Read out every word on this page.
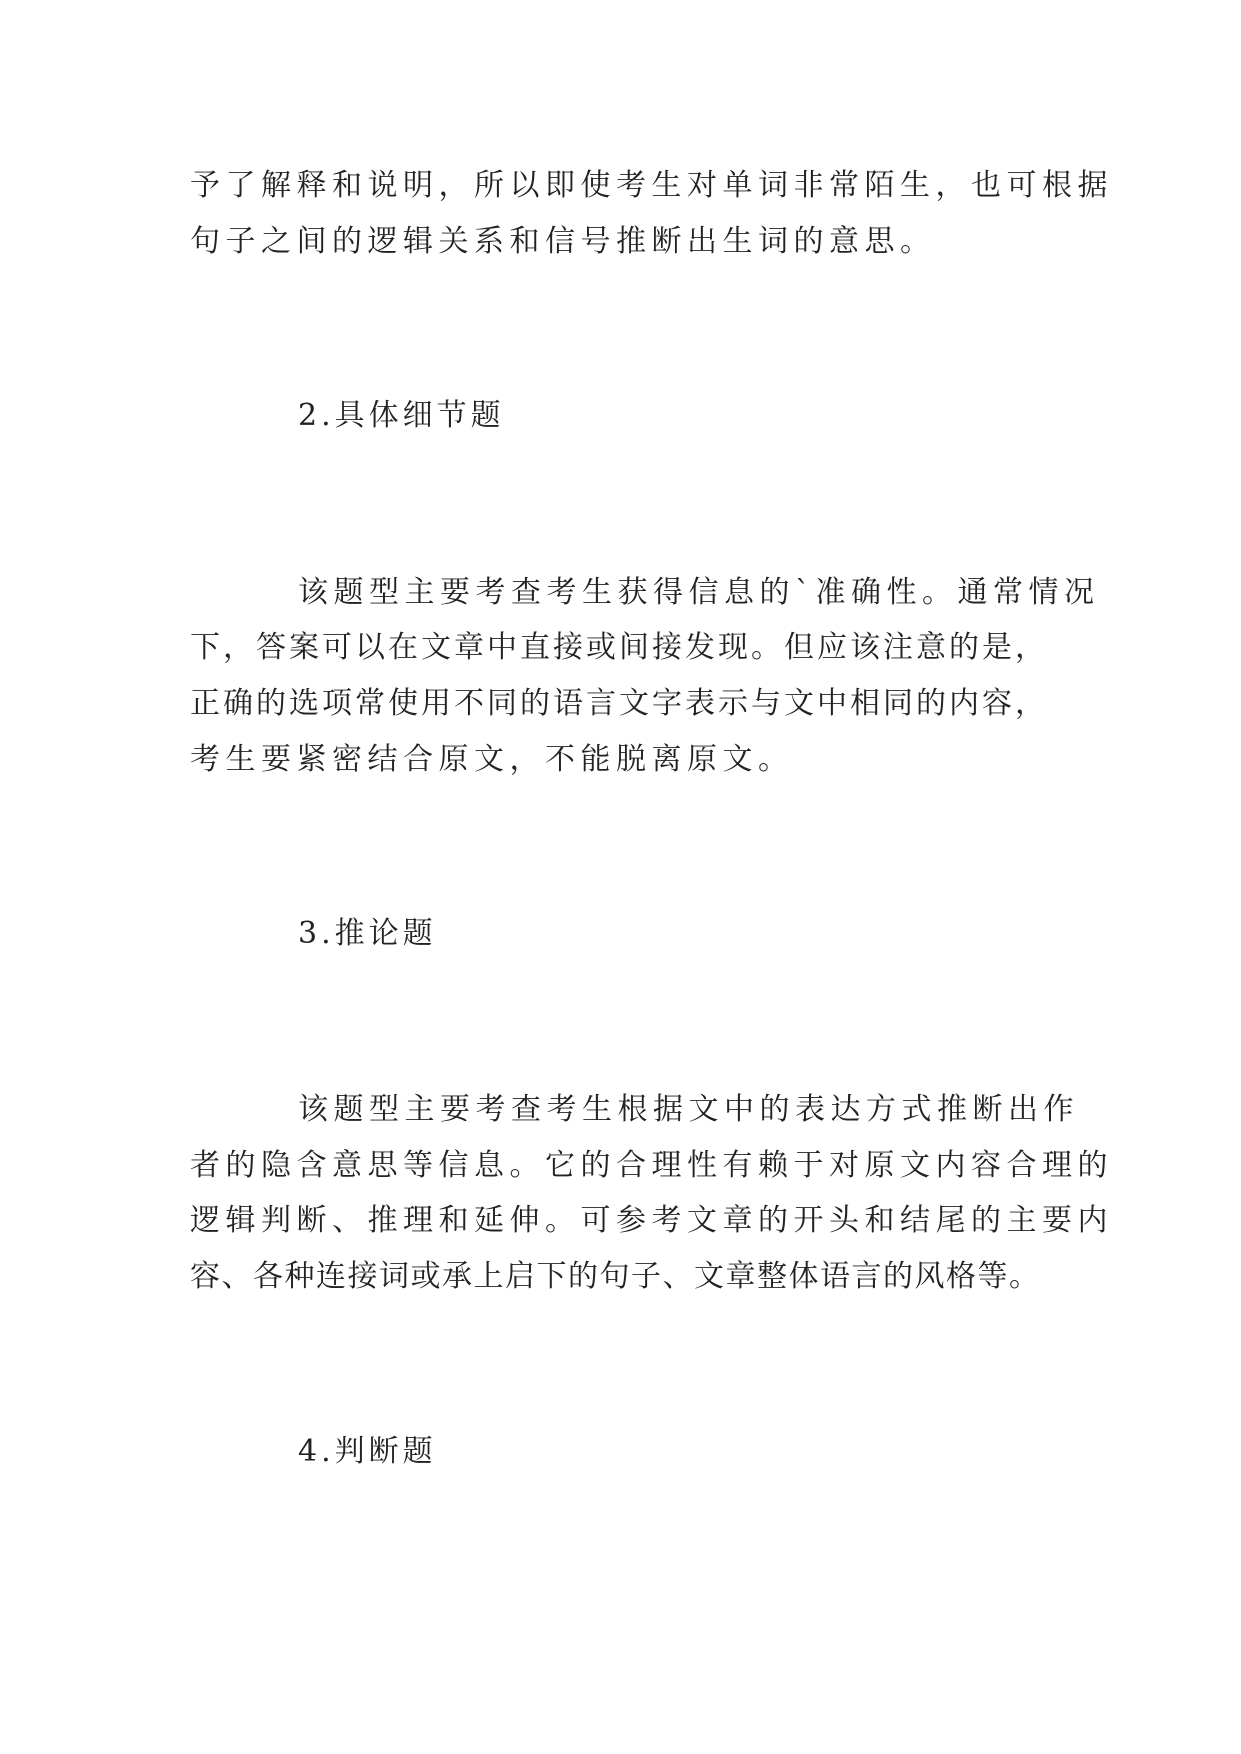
予了解释和说明，所以即使考生对单词非常陌生，也可根据
句子之间的逻辑关系和信号推断出生词的意思。
2.具体细节题
该题型主要考查考生获得信息的`准确性。通常情况
下，答案可以在文章中直接或间接发现。但应该注意的是，
正确的选项常使用不同的语言文字表示与文中相同的内容，
考生要紧密结合原文，不能脱离原文。
3.推论题
该题型主要考查考生根据文中的表达方式推断出作
者的隐含意思等信息。它的合理性有赖于对原文内容合理的
逻辑判断、推理和延伸。可参考文章的开头和结尾的主要内
容、各种连接词或承上启下的句子、文章整体语言的风格等。
4.判断题
